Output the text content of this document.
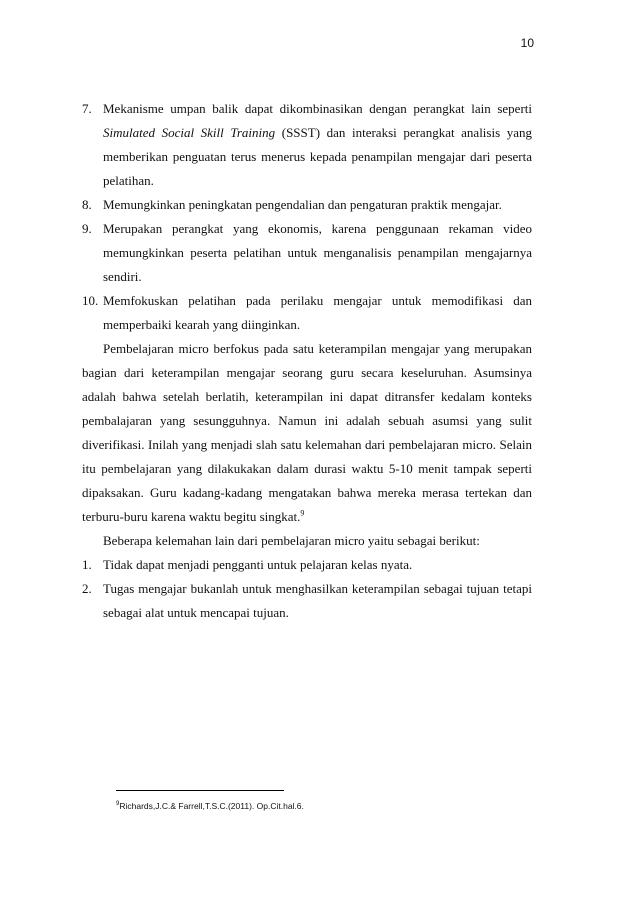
10
7. Mekanisme umpan balik dapat dikombinasikan dengan perangkat lain seperti Simulated Social Skill Training (SSST) dan interaksi perangkat analisis yang memberikan penguatan terus menerus kepada penampilan mengajar dari peserta pelatihan.
8. Memungkinkan peningkatan pengendalian dan pengaturan praktik mengajar.
9. Merupakan perangkat yang ekonomis, karena penggunaan rekaman video memungkinkan peserta pelatihan untuk menganalisis penampilan mengajarnya sendiri.
10. Memfokuskan pelatihan pada perilaku mengajar untuk memodifikasi dan memperbaiki kearah yang diinginkan.

Pembelajaran micro berfokus pada satu keterampilan mengajar yang merupakan bagian dari keterampilan mengajar seorang guru secara keseluruhan. Asumsinya adalah bahwa setelah berlatih, keterampilan ini dapat ditransfer kedalam konteks pembalajaran yang sesungguhnya. Namun ini adalah sebuah asumsi yang sulit diverifikasi. Inilah yang menjadi slah satu kelemahan dari pembelajaran micro. Selain itu pembelajaran yang dilakukakan dalam durasi waktu 5-10 menit tampak seperti dipaksakan. Guru kadang-kadang mengatakan bahwa mereka merasa tertekan dan terburu-buru karena waktu begitu singkat.$^9$

Beberapa kelemahan lain dari pembelajaran micro yaitu sebagai berikut:

1. Tidak dapat menjadi pengganti untuk pelajaran kelas nyata.
2. Tugas mengajar bukanlah untuk menghasilkan keterampilan sebagai tujuan tetapi sebagai alat untuk mencapai tujuan.
$^9$Richards,J.C.& Farrell,T.S.C.(2011). Op.Cit.hal.6.
